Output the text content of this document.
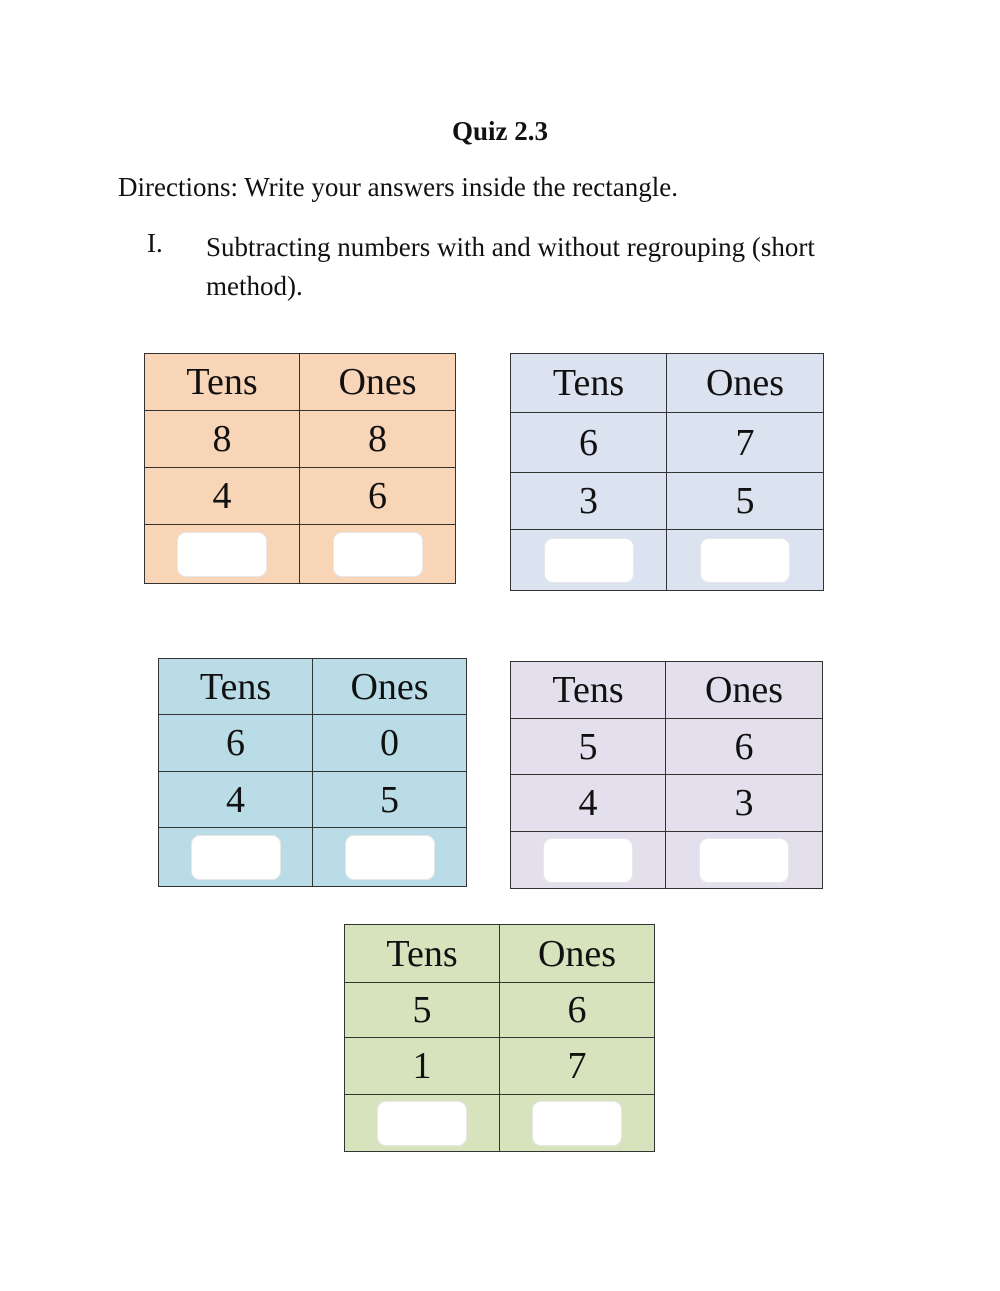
Quiz 2.3
Directions: Write your answers inside the rectangle.
I. Subtracting numbers with and without regrouping (short method).
Tens	Ones
8	8
4	6

Tens	Ones
6	7
3	5

Tens	Ones
6	0
4	5

Tens	Ones
5	6
4	3

Tens	Ones
5	6
1	7
